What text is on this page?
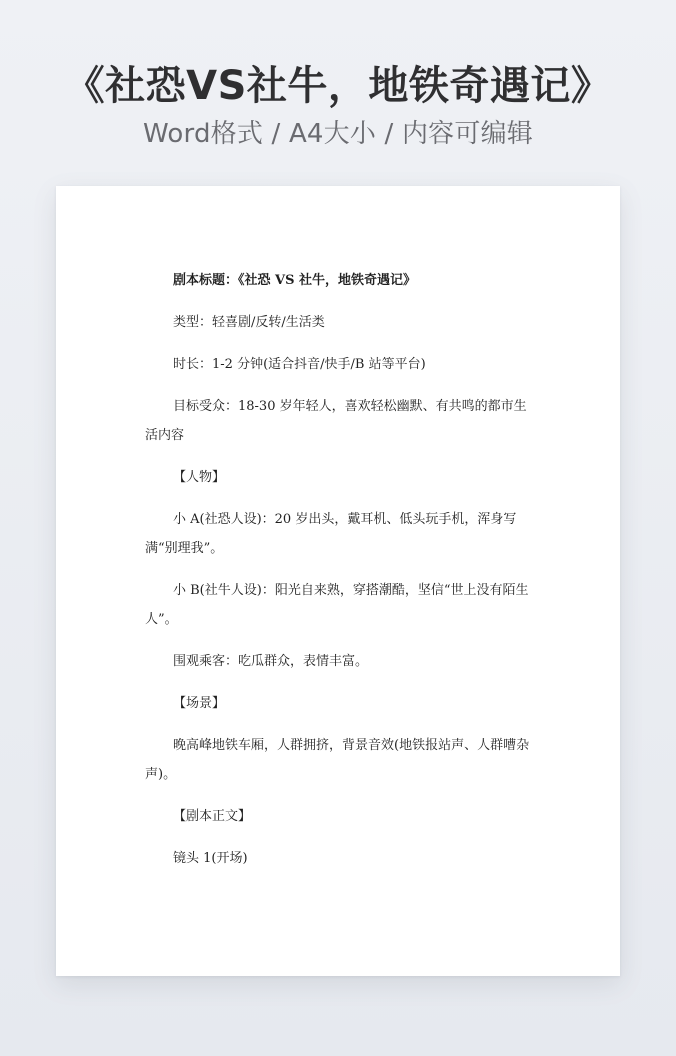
《社恐VS社牛，地铁奇遇记》
Word格式 / A4大小 / 内容可编辑

剧本标题：《社恐 VS 社牛，地铁奇遇记》

类型：轻喜剧/反转/生活类

时长：1-2 分钟(适合抖音/快手/B 站等平台)

目标受众：18-30 岁年轻人，喜欢轻松幽默、有共鸣的都市生活内容

【人物】

小 A(社恐人设)：20 岁出头，戴耳机、低头玩手机，浑身写满“别理我”。

小 B(社牛人设)：阳光自来熟，穿搭潮酷，坚信“世上没有陌生人”。

围观乘客：吃瓜群众，表情丰富。

【场景】

晚高峰地铁车厢，人群拥挤，背景音效(地铁报站声、人群嘈杂声)。

【剧本正文】

镜头 1(开场)
